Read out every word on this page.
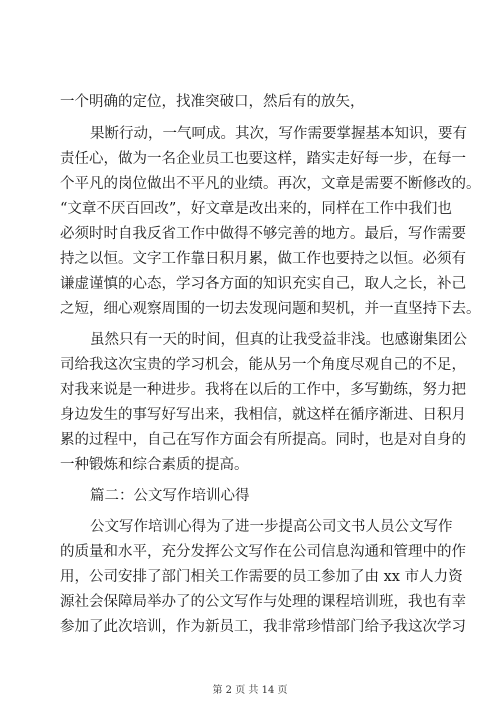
一个明确的定位，找准突破口，然后有的放矢，
果断行动，一气呵成。其次，写作需要掌握基本知识，要有
责任心，做为一名企业员工也要这样，踏实走好每一步，在每一
个平凡的岗位做出不平凡的业绩。再次，文章是需要不断修改的。
“文章不厌百回改”，好文章是改出来的，同样在工作中我们也
必须时时自我反省工作中做得不够完善的地方。最后，写作需要
持之以恒。文字工作靠日积月累，做工作也要持之以恒。必须有
谦虚谨慎的心态，学习各方面的知识充实自己，取人之长，补己
之短，细心观察周围的一切去发现问题和契机，并一直坚持下去。
虽然只有一天的时间，但真的让我受益非浅。也感谢集团公
司给我这次宝贵的学习机会，能从另一个角度尽观自己的不足，
对我来说是一种进步。我将在以后的工作中，多写勤练，努力把
身边发生的事写好写出来，我相信，就这样在循序渐进、日积月
累的过程中，自己在写作方面会有所提高。同时，也是对自身的
一种锻炼和综合素质的提高。
篇二：公文写作培训心得
公文写作培训心得为了进一步提高公司文书人员公文写作
的质量和水平，充分发挥公文写作在公司信息沟通和管理中的作
用，公司安排了部门相关工作需要的员工参加了由 xx 市人力资
源社会保障局举办了的公文写作与处理的课程培训班，我也有幸
参加了此次培训，作为新员工，我非常珍惜部门给予我这次学习
第 2 页 共 14 页
